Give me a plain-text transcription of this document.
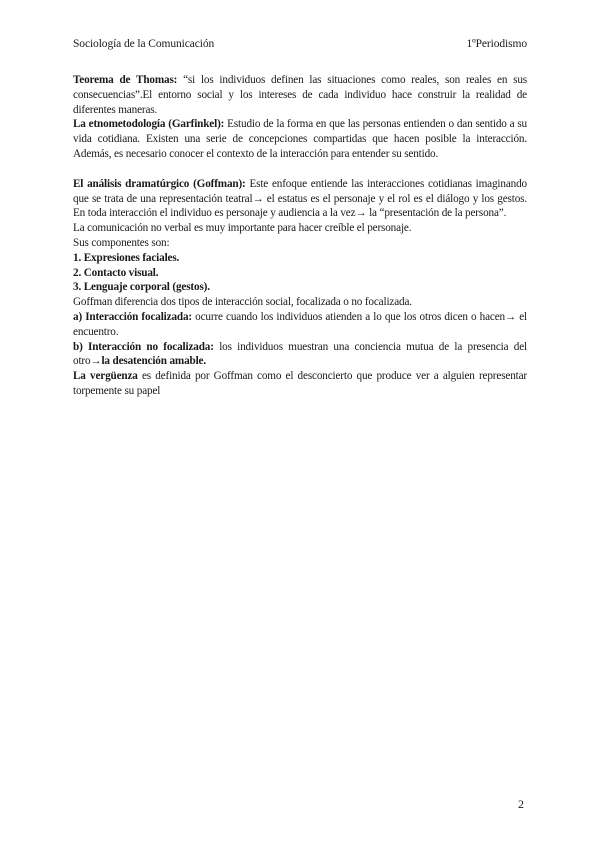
Sociología de la Comunicación	1ºPeriodismo

Teorema de Thomas: “si los individuos definen las situaciones como reales, son reales en sus consecuencias”.El entorno social y los intereses de cada individuo hace construir la realidad de diferentes maneras.

La etnometodología (Garfinkel): Estudio de la forma en que las personas entienden o dan sentido a su vida cotidiana. Existen una serie de concepciones compartidas que hacen posible la interacción. Además, es necesario conocer el contexto de la interacción para entender su sentido.

El análisis dramatúrgico (Goffman): Este enfoque entiende las interacciones cotidianas imaginando que se trata de una representación teatral→ el estatus es el personaje y el rol es el diálogo y los gestos. En toda interacción el individuo es personaje y audiencia a la vez→ la “presentación de la persona”.

La comunicación no verbal es muy importante para hacer creíble el personaje.

Sus componentes son:

1. Expresiones faciales.

2. Contacto visual.

3. Lenguaje corporal (gestos).

Goffman diferencia dos tipos de interacción social, focalizada o no focalizada.

a) Interacción focalizada: ocurre cuando los individuos atienden a lo que los otros dicen o hacen→ el encuentro.

b) Interacción no focalizada: los individuos muestran una conciencia mutua de la presencia del otro→la desatención amable.

La vergüenza es definida por Goffman como el desconcierto que produce ver a alguien representar torpemente su papel

2
